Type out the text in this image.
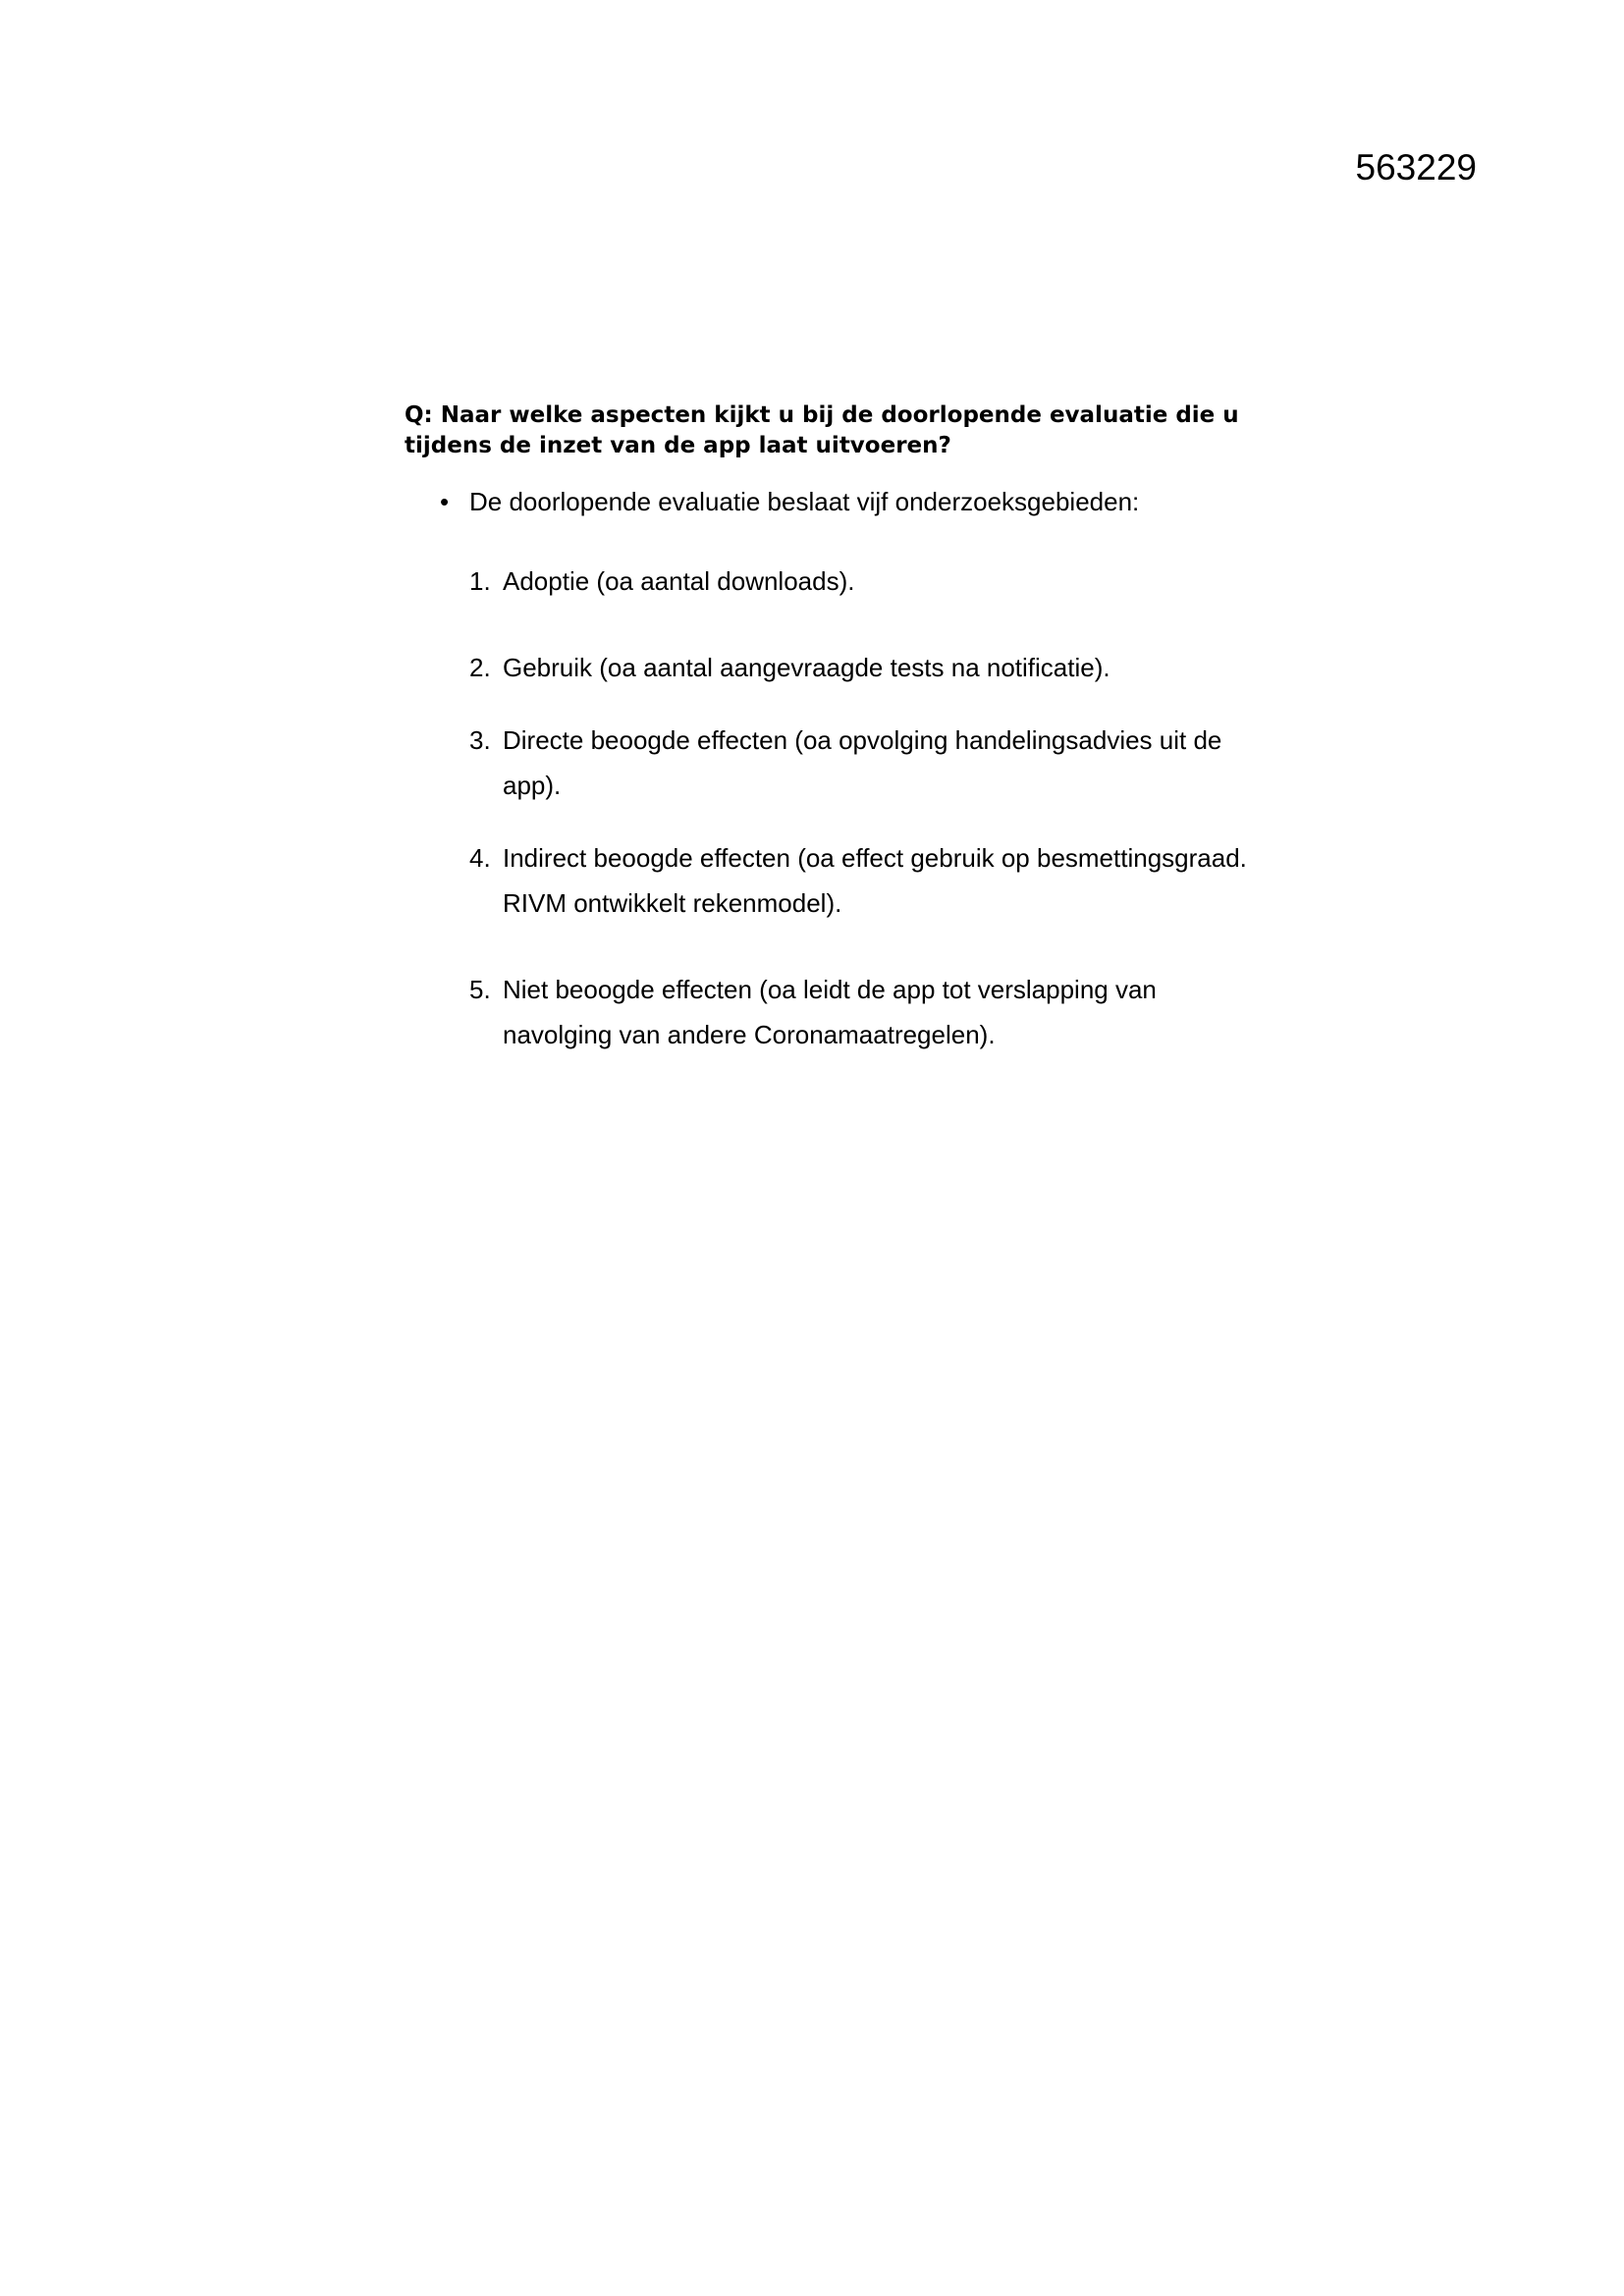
563229

Q: Naar welke aspecten kijkt u bij de doorlopende evaluatie die u tijdens de inzet van de app laat uitvoeren?

• De doorlopende evaluatie beslaat vijf onderzoeksgebieden:
1. Adoptie (oa aantal downloads).
2. Gebruik (oa aantal aangevraagde tests na notificatie).
3. Directe beoogde effecten (oa opvolging handelingsadvies uit de app).
4. Indirect beoogde effecten (oa effect gebruik op besmettingsgraad. RIVM ontwikkelt rekenmodel).
5. Niet beoogde effecten (oa leidt de app tot verslapping van navolging van andere Coronamaatregelen).
